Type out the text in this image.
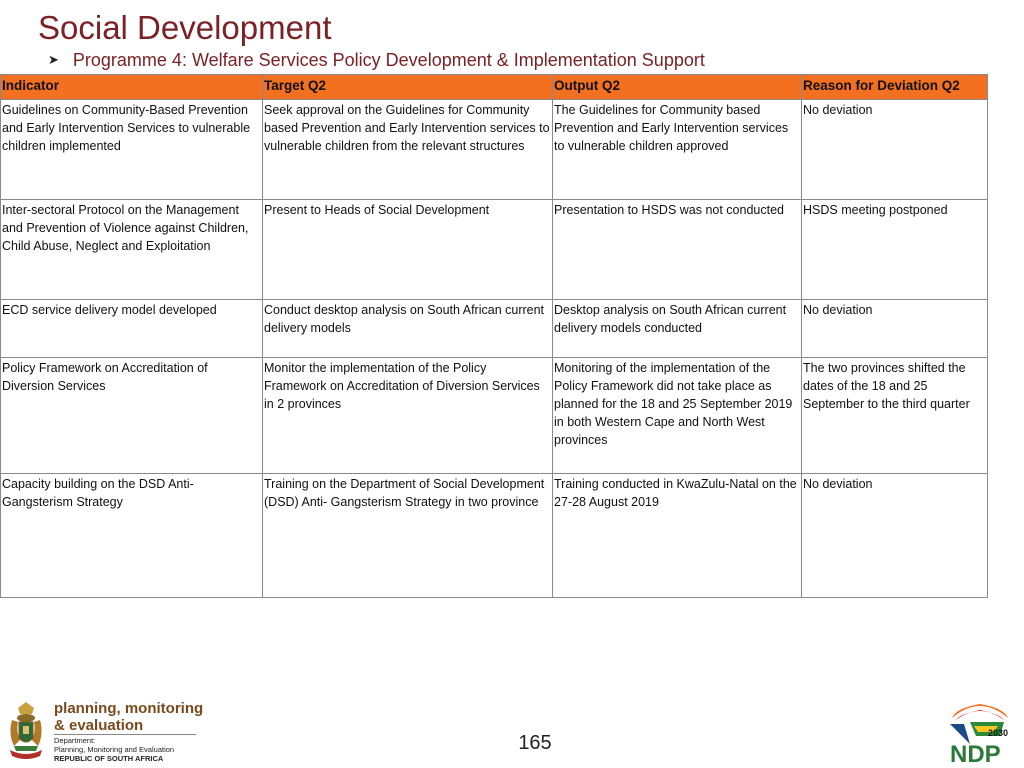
Social Development
➤ Programme 4: Welfare Services Policy Development & Implementation Support
Indicator	Target Q2	Output Q2	Reason for Deviation Q2
Guidelines on Community-Based Prevention and Early Intervention Services to vulnerable children implemented	Seek approval on the Guidelines for Community based Prevention and Early Intervention services to vulnerable children from the relevant structures	The Guidelines for Community based Prevention and Early Intervention services to vulnerable children approved	No deviation
Inter-sectoral Protocol on the Management and Prevention of Violence against Children, Child Abuse, Neglect and Exploitation	Present to Heads of Social Development	Presentation to HSDS was not conducted	HSDS meeting postponed
ECD service delivery model developed	Conduct desktop analysis on South African current delivery models	Desktop analysis on South African current delivery models conducted	No deviation
Policy Framework on Accreditation of Diversion Services	Monitor the implementation of the Policy Framework on Accreditation of Diversion Services in 2 provinces	Monitoring of the implementation of the Policy Framework did not take place as planned for the 18 and 25 September 2019 in both Western Cape and North West provinces	The two provinces shifted the dates of the 18 and 25 September to the third quarter
Capacity building on the DSD Anti-Gangsterism Strategy	Training on the Department of Social Development (DSD) Anti- Gangsterism Strategy in two province	Training conducted in KwaZulu-Natal on the 27-28 August 2019	No deviation
planning, monitoring
& evaluation
Department:
Planning, Monitoring and Evaluation
REPUBLIC OF SOUTH AFRICA
165	2030
NDP
